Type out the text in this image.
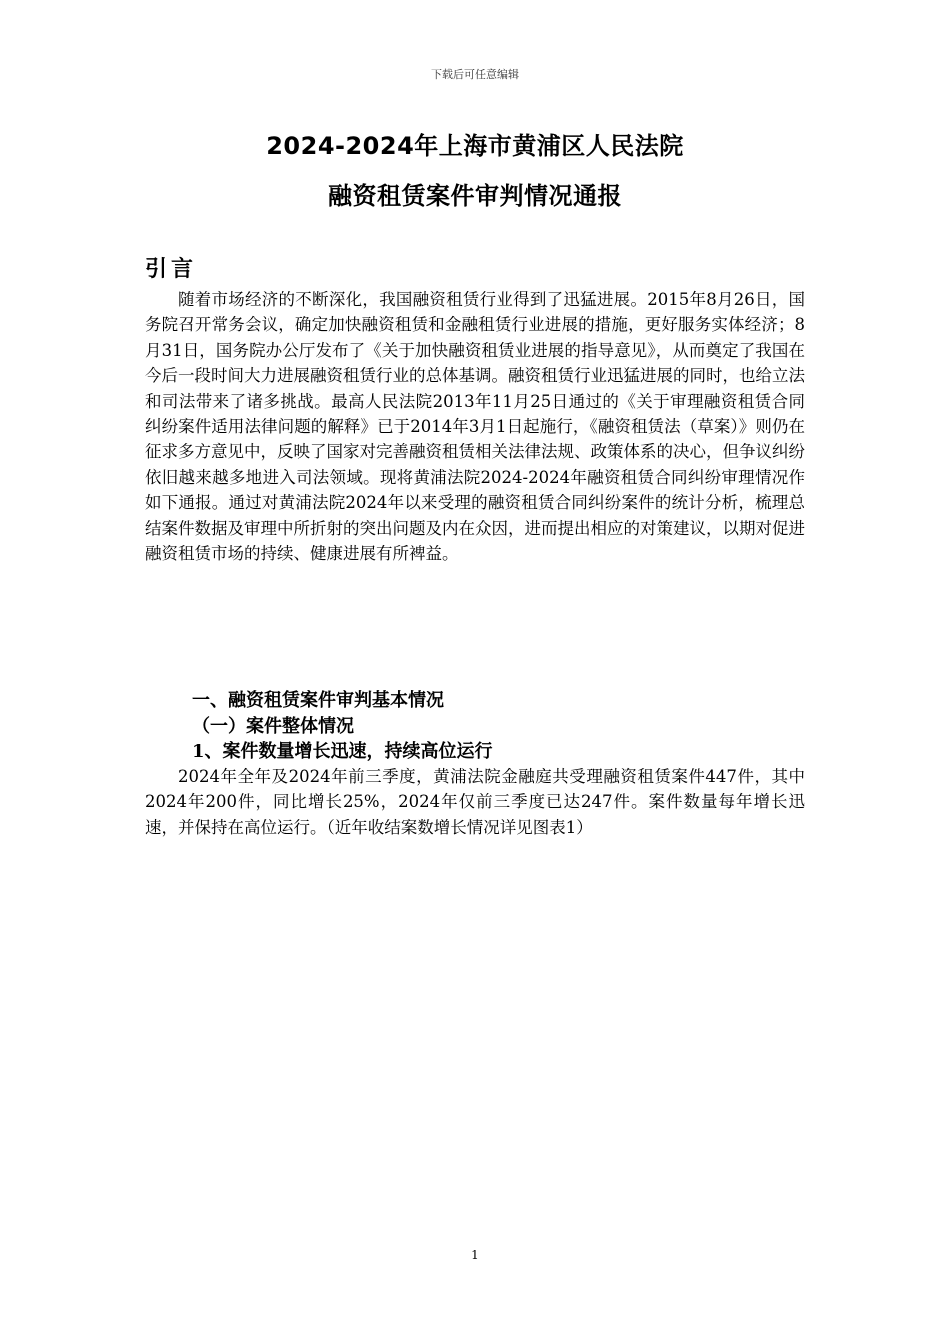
下载后可任意编辑
2024-2024年上海市黄浦区人民法院
融资租赁案件审判情况通报
引言

随着市场经济的不断深化，我国融资租赁行业得到了迅猛进展。2015年8月26日，国务院召开常务会议，确定加快融资租赁和金融租赁行业进展的措施，更好服务实体经济；8月31日，国务院办公厅发布了《关于加快融资租赁业进展的指导意见》，从而奠定了我国在今后一段时间大力进展融资租赁行业的总体基调。融资租赁行业迅猛进展的同时，也给立法和司法带来了诸多挑战。最高人民法院2013年11月25日通过的《关于审理融资租赁合同纠纷案件适用法律问题的解释》已于2014年3月1日起施行，《融资租赁法（草案）》则仍在征求多方意见中，反映了国家对完善融资租赁相关法律法规、政策体系的决心，但争议纠纷依旧越来越多地进入司法领域。现将黄浦法院2024-2024年融资租赁合同纠纷审理情况作如下通报。通过对黄浦法院2024年以来受理的融资租赁合同纠纷案件的统计分析，梳理总结案件数据及审理中所折射的突出问题及内在众因，进而提出相应的对策建议，以期对促进融资租赁市场的持续、健康进展有所裨益。

一、融资租赁案件审判基本情况
（一）案件整体情况
1、案件数量增长迅速，持续高位运行

2024年全年及2024年前三季度，黄浦法院金融庭共受理融资租赁案件447件，其中2024年200件，同比增长25%，2024年仅前三季度已达247件。案件数量每年增长迅速，并保持在高位运行。（近年收结案数增长情况详见图表1）

1
